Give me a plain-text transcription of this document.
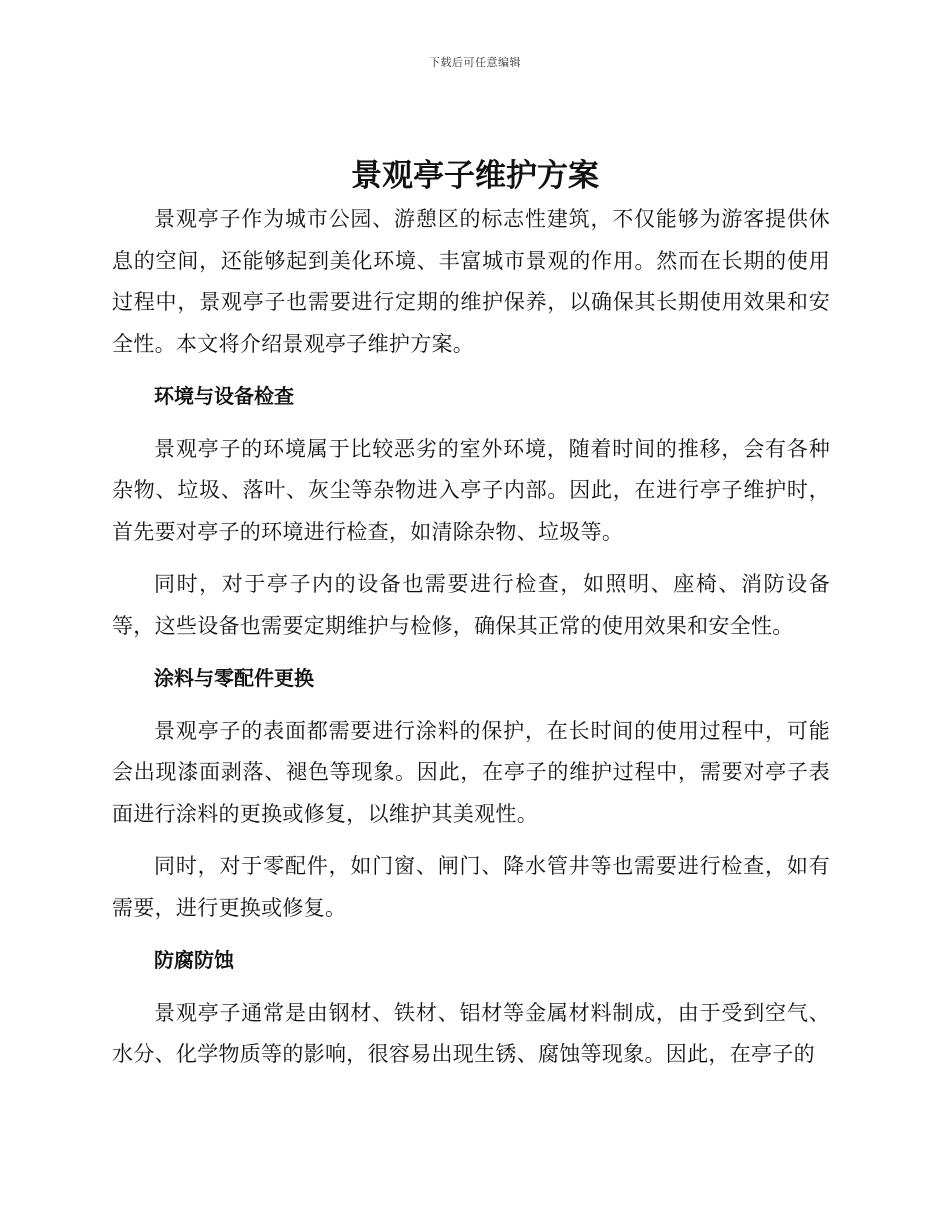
下载后可任意编辑
景观亭子维护方案

景观亭子作为城市公园、游憩区的标志性建筑，不仅能够为游客提供休息的空间，还能够起到美化环境、丰富城市景观的作用。然而在长期的使用过程中，景观亭子也需要进行定期的维护保养，以确保其长期使用效果和安全性。本文将介绍景观亭子维护方案。

环境与设备检查

景观亭子的环境属于比较恶劣的室外环境，随着时间的推移，会有各种杂物、垃圾、落叶、灰尘等杂物进入亭子内部。因此，在进行亭子维护时，首先要对亭子的环境进行检查，如清除杂物、垃圾等。

同时，对于亭子内的设备也需要进行检查，如照明、座椅、消防设备等，这些设备也需要定期维护与检修，确保其正常的使用效果和安全性。

涂料与零配件更换

景观亭子的表面都需要进行涂料的保护，在长时间的使用过程中，可能会出现漆面剥落、褪色等现象。因此，在亭子的维护过程中，需要对亭子表面进行涂料的更换或修复，以维护其美观性。

同时，对于零配件，如门窗、闸门、降水管井等也需要进行检查，如有需要，进行更换或修复。

防腐防蚀

景观亭子通常是由钢材、铁材、铝材等金属材料制成，由于受到空气、水分、化学物质等的影响，很容易出现生锈、腐蚀等现象。因此，在亭子的
